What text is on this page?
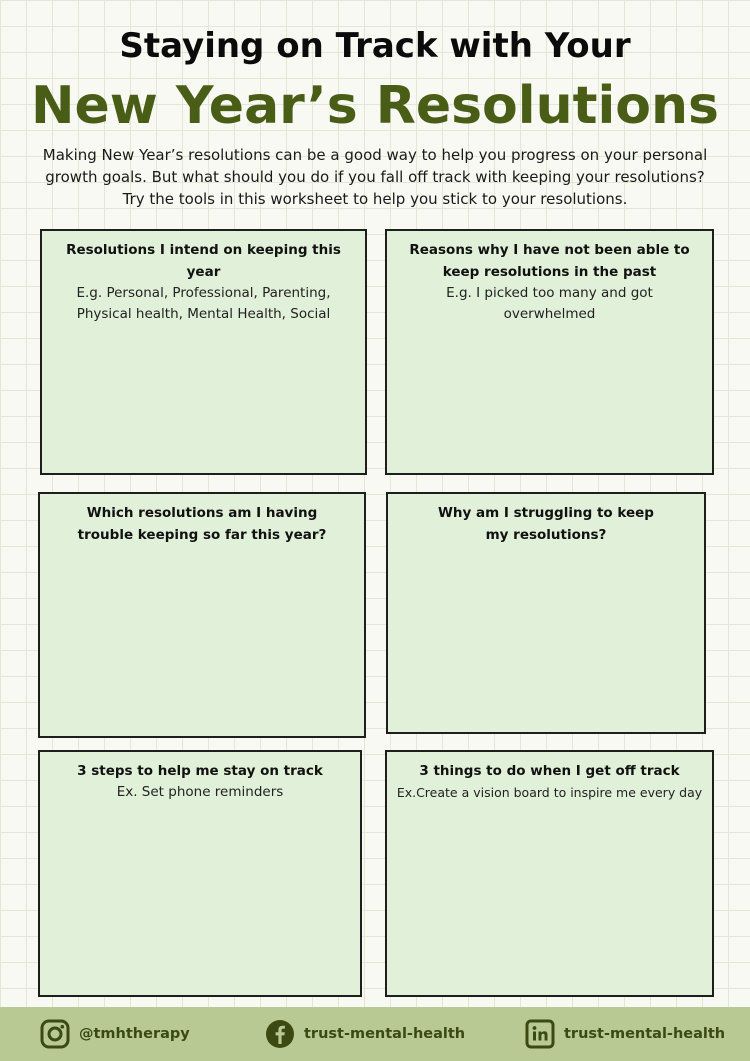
Staying on Track with Your
New Year’s Resolutions
Making New Year’s resolutions can be a good way to help you progress on your personal growth goals. But what should you do if you fall off track with keeping your resolutions? Try the tools in this worksheet to help you stick to your resolutions.
Resolutions I intend on keeping this year
E.g. Personal, Professional, Parenting, Physical health, Mental Health, Social
Reasons why I have not been able to keep resolutions in the past
E.g. I picked too many and got overwhelmed
Which resolutions am I having trouble keeping so far this year?
Why am I struggling to keep my resolutions?
3 steps to help me stay on track
Ex. Set phone reminders
3 things to do when I get off track
Ex.Create a vision board to inspire me every day
@tmhtherapy	trust-mental-health	trust-mental-health
